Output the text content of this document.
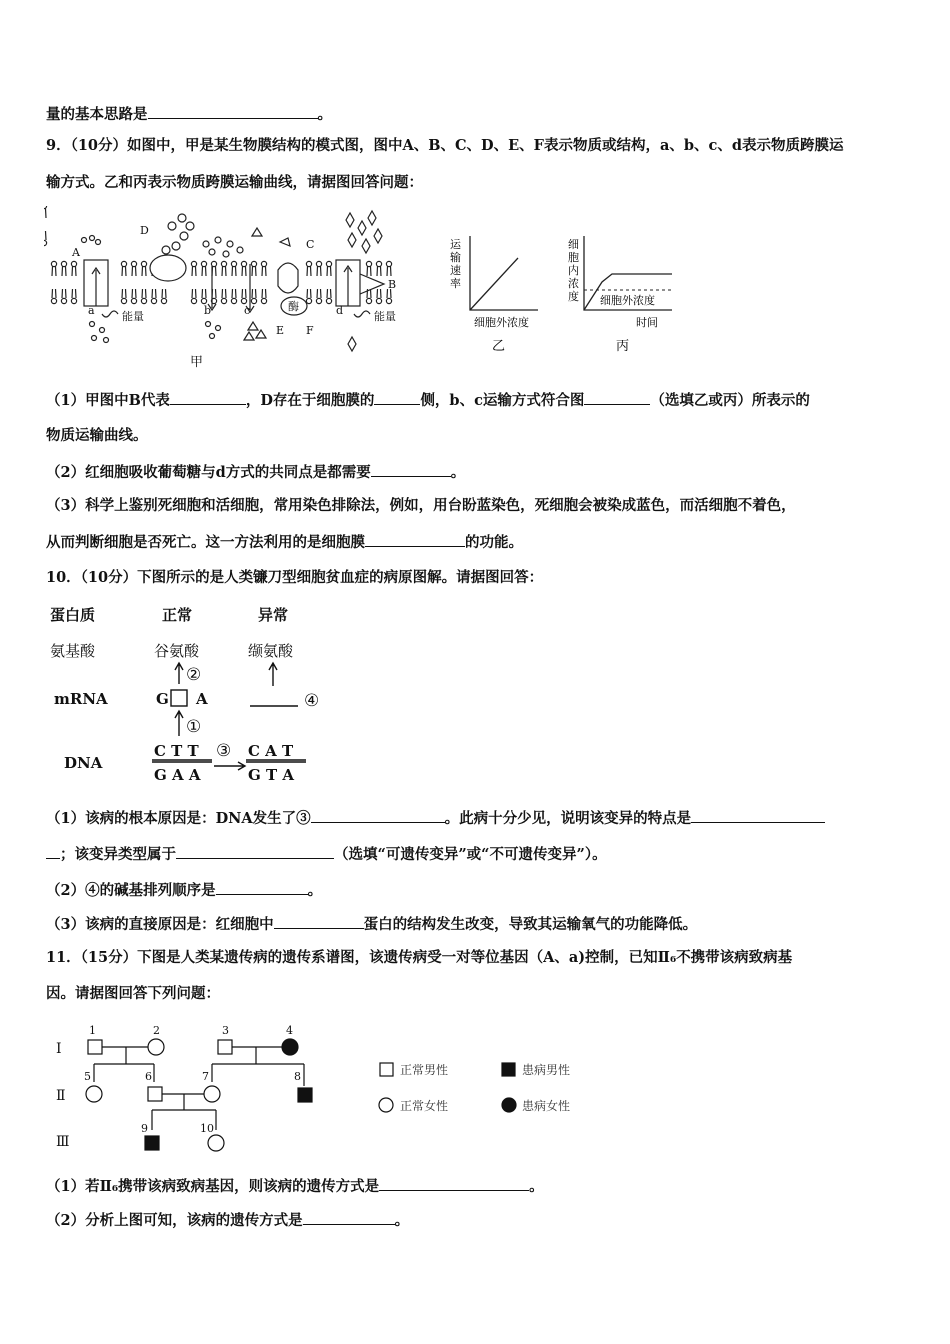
量的基本思路是	。
9．（10分）如图中，甲是某生物膜结构的模式图，图中A、B、C、D、E、F表示物质或结构，a、b、c、d表示物质跨膜运
输方式。乙和丙表示物质跨膜运输曲线，请据图回答问题：
A
B
C
D
E F
a	b	c	d
能量	能量
酶
甲
运
输
速
率
细胞外浓度
乙
细
胞
内
浓
度 细胞外浓度
时间
丙
（1）甲图中B代表	，D存在于细胞膜的	侧，b、c运输方式符合图	（选填乙或丙）所表示的
物质运输曲线。
（2）红细胞吸收葡萄糖与d方式的共同点是都需要	。
（3）科学上鉴别死细胞和活细胞，常用染色排除法，例如，用台盼蓝染色，死细胞会被染成蓝色，而活细胞不着色，
从而判断细胞是否死亡。这一方法利用的是细胞膜	的功能。
10．（10分）下图所示的是人类镰刀型细胞贫血症的病原图解。请据图回答：
蛋白质	正常	异常
氨基酸	谷氨酸	缬氨酸
mRNA	G A
DNA
C T T
G A A
C A T
G T A
②
①
③
④
（1）该病的根本原因是：DNA发生了③	。此病十分少见，说明该变异的特点是
；该变异类型属于	（选填“可遗传变异”或“不可遗传变异”）。
（2）④的碱基排列顺序是	。
（3）该病的直接原因是：红细胞中	蛋白的结构发生改变，导致其运输氧气的功能降低。
11．（15分）下图是人类某遗传病的遗传系谱图，该遗传病受一对等位基因（A、a)控制，已知Ⅱ₆不携带该病致病基
因。请据图回答下列问题：
Ⅰ
Ⅱ
Ⅲ
1	2	3	4
5	6	7	8
9	10
正常男性	患病男性
正常女性	患病女性
（1）若Ⅱ₆携带该病致病基因，则该病的遗传方式是	。
（2）分析上图可知，该病的遗传方式是	。
